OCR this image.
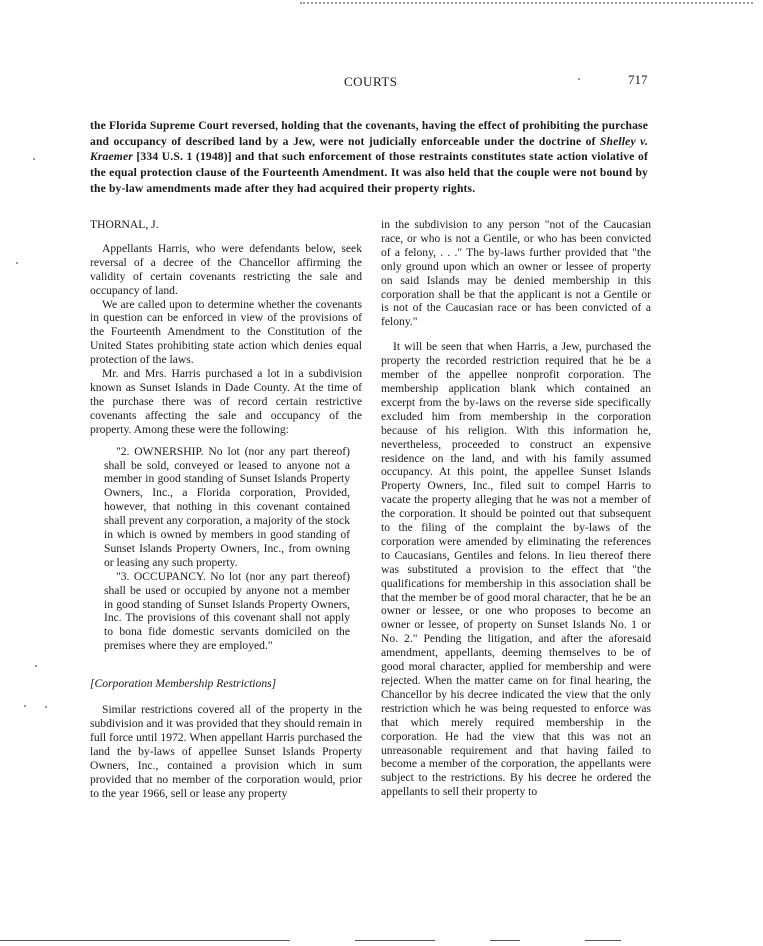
COURTS	717
the Florida Supreme Court reversed, holding that the covenants, having the effect of prohibiting the purchase and occupancy of described land by a Jew, were not judicially enforceable under the doctrine of Shelley v. Kraemer [334 U.S. 1 (1948)] and that such enforcement of those restraints constitutes state action violative of the equal protection clause of the Fourteenth Amendment. It was also held that the couple were not bound by the by-law amendments made after they had acquired their property rights.

THORNAL, J.

Appellants Harris, who were defendants below, seek reversal of a decree of the Chancellor affirming the validity of certain covenants restricting the sale and occupancy of land.

We are called upon to determine whether the covenants in question can be enforced in view of the provisions of the Fourteenth Amendment to the Constitution of the United States prohibiting state action which denies equal protection of the laws.

Mr. and Mrs. Harris purchased a lot in a subdivision known as Sunset Islands in Dade County. At the time of the purchase there was of record certain restrictive covenants affecting the sale and occupancy of the property. Among these were the following:

"2. OWNERSHIP. No lot (nor any part thereof) shall be sold, conveyed or leased to anyone not a member in good standing of Sunset Islands Property Owners, Inc., a Florida corporation, Provided, however, that nothing in this covenant contained shall prevent any corporation, a majority of the stock in which is owned by members in good standing of Sunset Islands Property Owners, Inc., from owning or leasing any such property.

"3. OCCUPANCY. No lot (nor any part thereof) shall be used or occupied by anyone not a member in good standing of Sunset Islands Property Owners, Inc. The provisions of this covenant shall not apply to bona fide domestic servants domiciled on the premises where they are employed."

[Corporation Membership Restrictions]

Similar restrictions covered all of the property in the subdivision and it was provided that they should remain in full force until 1972. When appellant Harris purchased the land the by-laws of appellee Sunset Islands Property Owners, Inc., contained a provision which in sum provided that no member of the corporation would, prior to the year 1966, sell or lease any property

in the subdivision to any person "not of the Caucasian race, or who is not a Gentile, or who has been convicted of a felony, . . ." The by-laws further provided that "the only ground upon which an owner or lessee of property on said Islands may be denied membership in this corporation shall be that the applicant is not a Gentile or is not of the Caucasian race or has been convicted of a felony."

It will be seen that when Harris, a Jew, purchased the property the recorded restriction required that he be a member of the appellee nonprofit corporation. The membership application blank which contained an excerpt from the by-laws on the reverse side specifically excluded him from membership in the corporation because of his religion. With this information he, nevertheless, proceeded to construct an expensive residence on the land, and with his family assumed occupancy. At this point, the appellee Sunset Islands Property Owners, Inc., filed suit to compel Harris to vacate the property alleging that he was not a member of the corporation. It should be pointed out that subsequent to the filing of the complaint the by-laws of the corporation were amended by eliminating the references to Caucasians, Gentiles and felons. In lieu thereof there was substituted a provision to the effect that "the qualifications for membership in this association shall be that the member be of good moral character, that he be an owner or lessee, or one who proposes to become an owner or lessee, of property on Sunset Islands No. 1 or No. 2." Pending the litigation, and after the aforesaid amendment, appellants, deeming themselves to be of good moral character, applied for membership and were rejected. When the matter came on for final hearing, the Chancellor by his decree indicated the view that the only restriction which he was being requested to enforce was that which merely required membership in the corporation. He had the view that this was not an unreasonable requirement and that having failed to become a member of the corporation, the appellants were subject to the restrictions. By his decree he ordered the appellants to sell their property to
